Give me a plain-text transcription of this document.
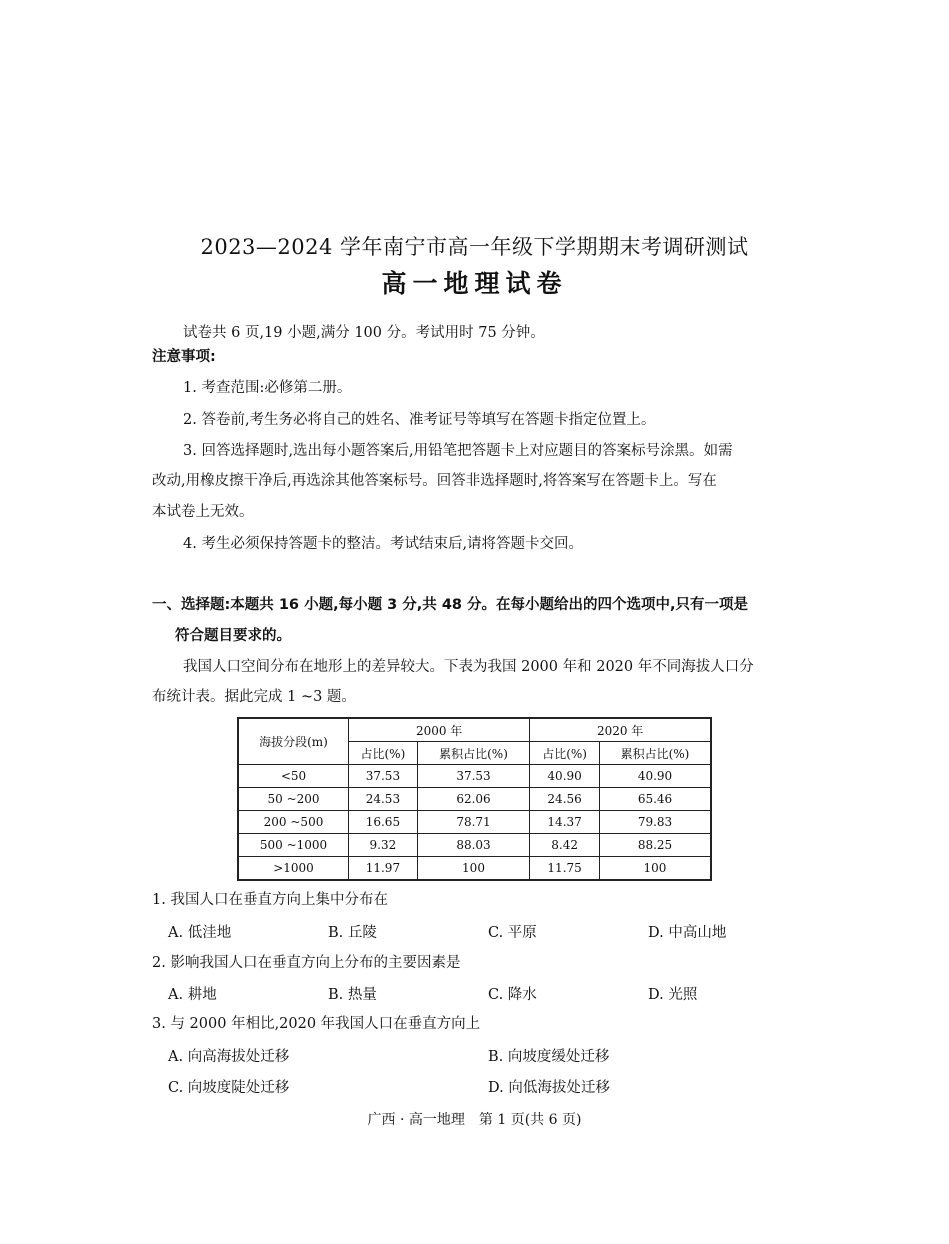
2023—2024 学年南宁市高一年级下学期期末考调研测试
高一地理试卷
试卷共 6 页,19 小题,满分 100 分。考试用时 75 分钟。
注意事项:
1. 考查范围:必修第二册。
2. 答卷前,考生务必将自己的姓名、准考证号等填写在答题卡指定位置上。
3. 回答选择题时,选出每小题答案后,用铅笔把答题卡上对应题目的答案标号涂黑。如需
改动,用橡皮擦干净后,再选涂其他答案标号。回答非选择题时,将答案写在答题卡上。写在
本试卷上无效。
4. 考生必须保持答题卡的整洁。考试结束后,请将答题卡交回。
一、选择题:本题共 16 小题,每小题 3 分,共 48 分。在每小题给出的四个选项中,只有一项是
符合题目要求的。
我国人口空间分布在地形上的差异较大。下表为我国 2000 年和 2020 年不同海拔人口分
布统计表。据此完成 1 ~3 题。
海拔分段(m)	2000 年		2020 年	
	占比(%)	累积占比(%)	占比(%)	累积占比(%)
<50	37.53	37.53	40.90	40.90
50 ~200	24.53	62.06	24.56	65.46
200 ~500	16.65	78.71	14.37	79.83
500 ~1000	9.32	88.03	8.42	88.25
>1000	11.97	100	11.75	100
1. 我国人口在垂直方向上集中分布在
A. 低洼地	B. 丘陵	C. 平原	D. 中高山地
2. 影响我国人口在垂直方向上分布的主要因素是
A. 耕地	B. 热量	C. 降水	D. 光照
3. 与 2000 年相比,2020 年我国人口在垂直方向上
A. 向高海拔处迁移	B. 向坡度缓处迁移
C. 向坡度陡处迁移	D. 向低海拔处迁移
广西 · 高一地理　第 1 页(共 6 页)
